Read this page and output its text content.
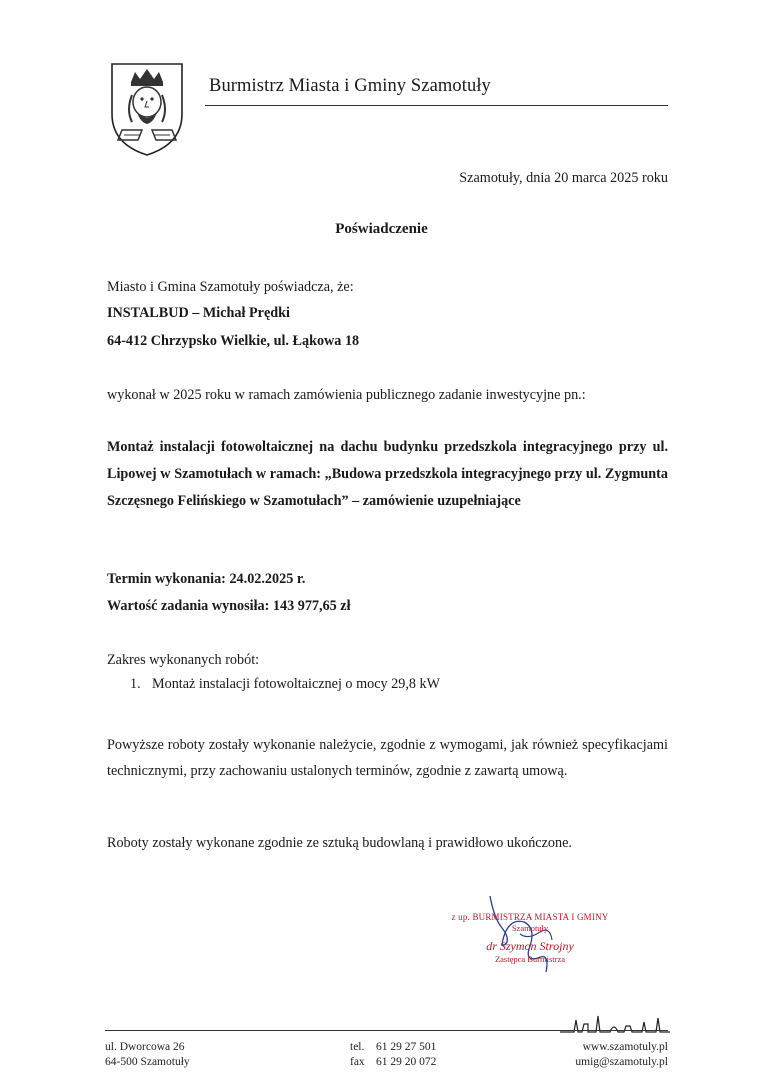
Burmistrz Miasta i Gminy Szamotuły
Szamotuły, dnia 20 marca 2025 roku
Poświadczenie
Miasto i Gmina Szamotuły poświadcza, że:
INSTALBUD – Michał Prędki
64-412 Chrzypsko Wielkie, ul. Łąkowa 18
wykonał w 2025 roku w ramach zamówienia publicznego zadanie inwestycyjne pn.:
Montaż instalacji fotowoltaicznej na dachu budynku przedszkola integracyjnego przy ul. Lipowej w Szamotułach w ramach: „Budowa przedszkola integracyjnego przy ul. Zygmunta Szczęsnego Felińskiego w Szamotułach” – zamówienie uzupełniające
Termin wykonania: 24.02.2025 r.
Wartość zadania wynosiła: 143 977,65 zł
Zakres wykonanych robót:
1. Montaż instalacji fotowoltaicznej o mocy 29,8 kW
Powyższe roboty zostały wykonanie należycie, zgodnie z wymogami, jak również specyfikacjami technicznymi, przy zachowaniu ustalonych terminów, zgodnie z zawartą umową.
Roboty zostały wykonane zgodnie ze sztuką budowlaną i prawidłowo ukończone.
z up. BURMISTRZA MIASTA I GMINY
Szamotuły
dr Szymon Strojny
Zastępca Burmistrza
ul. Dworcowa 26
64-500 Szamotuły
tel. 61 29 27 501
fax 61 29 20 072
www.szamotuly.pl
umig@szamotuly.pl
